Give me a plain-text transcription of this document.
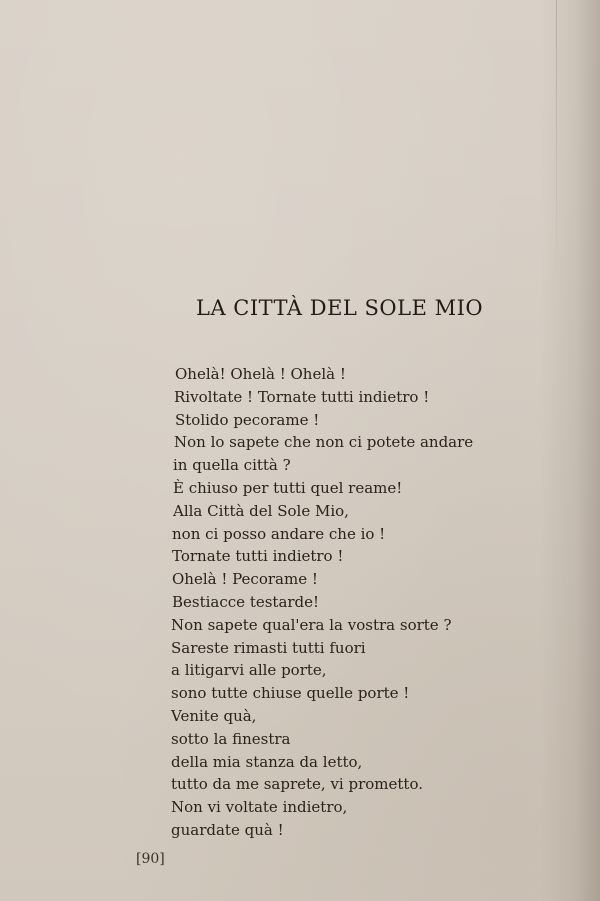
LA CITTÀ DEL SOLE MIO
Ohelà! Ohelà ! Ohelà !
Rivoltate ! Tornate tutti indietro !
Stolido pecorame !
Non lo sapete che non ci potete andare
in quella città ?
È chiuso per tutti quel reame!
Alla Città del Sole Mio,
non ci posso andare che io !
Tornate tutti indietro !
Ohelà ! Pecorame !
Bestiacce testarde!
Non sapete qual'era la vostra sorte ?
Sareste rimasti tutti fuori
a litigarvi alle porte,
sono tutte chiuse quelle porte !
Venite quà,
sotto la finestra
della mia stanza da letto,
tutto da me saprete, vi prometto.
Non vi voltate indietro,
guardate quà !
[90]
